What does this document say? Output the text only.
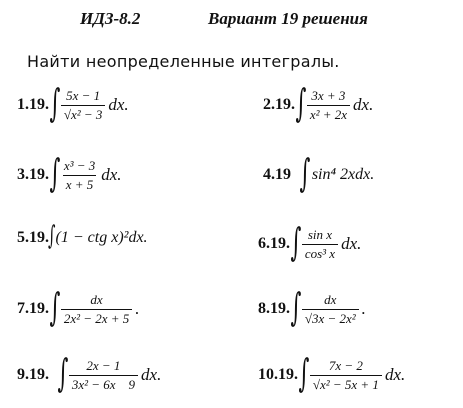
ИДЗ-8.2	Вариант 19 решения
Найти неопределенные интегралы.
1.19. ∫ $\frac{5x - 1}{\text{√x² − 3}}$ dx.	2.19. ∫ $\frac{3x + 3}{\text{x² + 2x}}$ dx.
3.19. ∫ $\frac{\text{x³ − 3}}{x + 5}$ dx.	4.19 ∫ sin⁴ 2xdx.
5.19. ∫ (1 − ctg x)²dx.	6.19. ∫ $\frac{\text{sin x}}{\text{cos³ x}}$ dx.
7.19. ∫ $\frac{dx}{\text{2x² − 2x + 5}}$ .	8.19. ∫ $\frac{dx}{\text{√3x − 2x²}}$ .
9.19. ∫ $\frac{2x - 1}{\text{3x² − 6x    9}}$ dx.	10.19. ∫ $\frac{7x - 2}{\text{√x² − 5x + 1}}$ dx.
